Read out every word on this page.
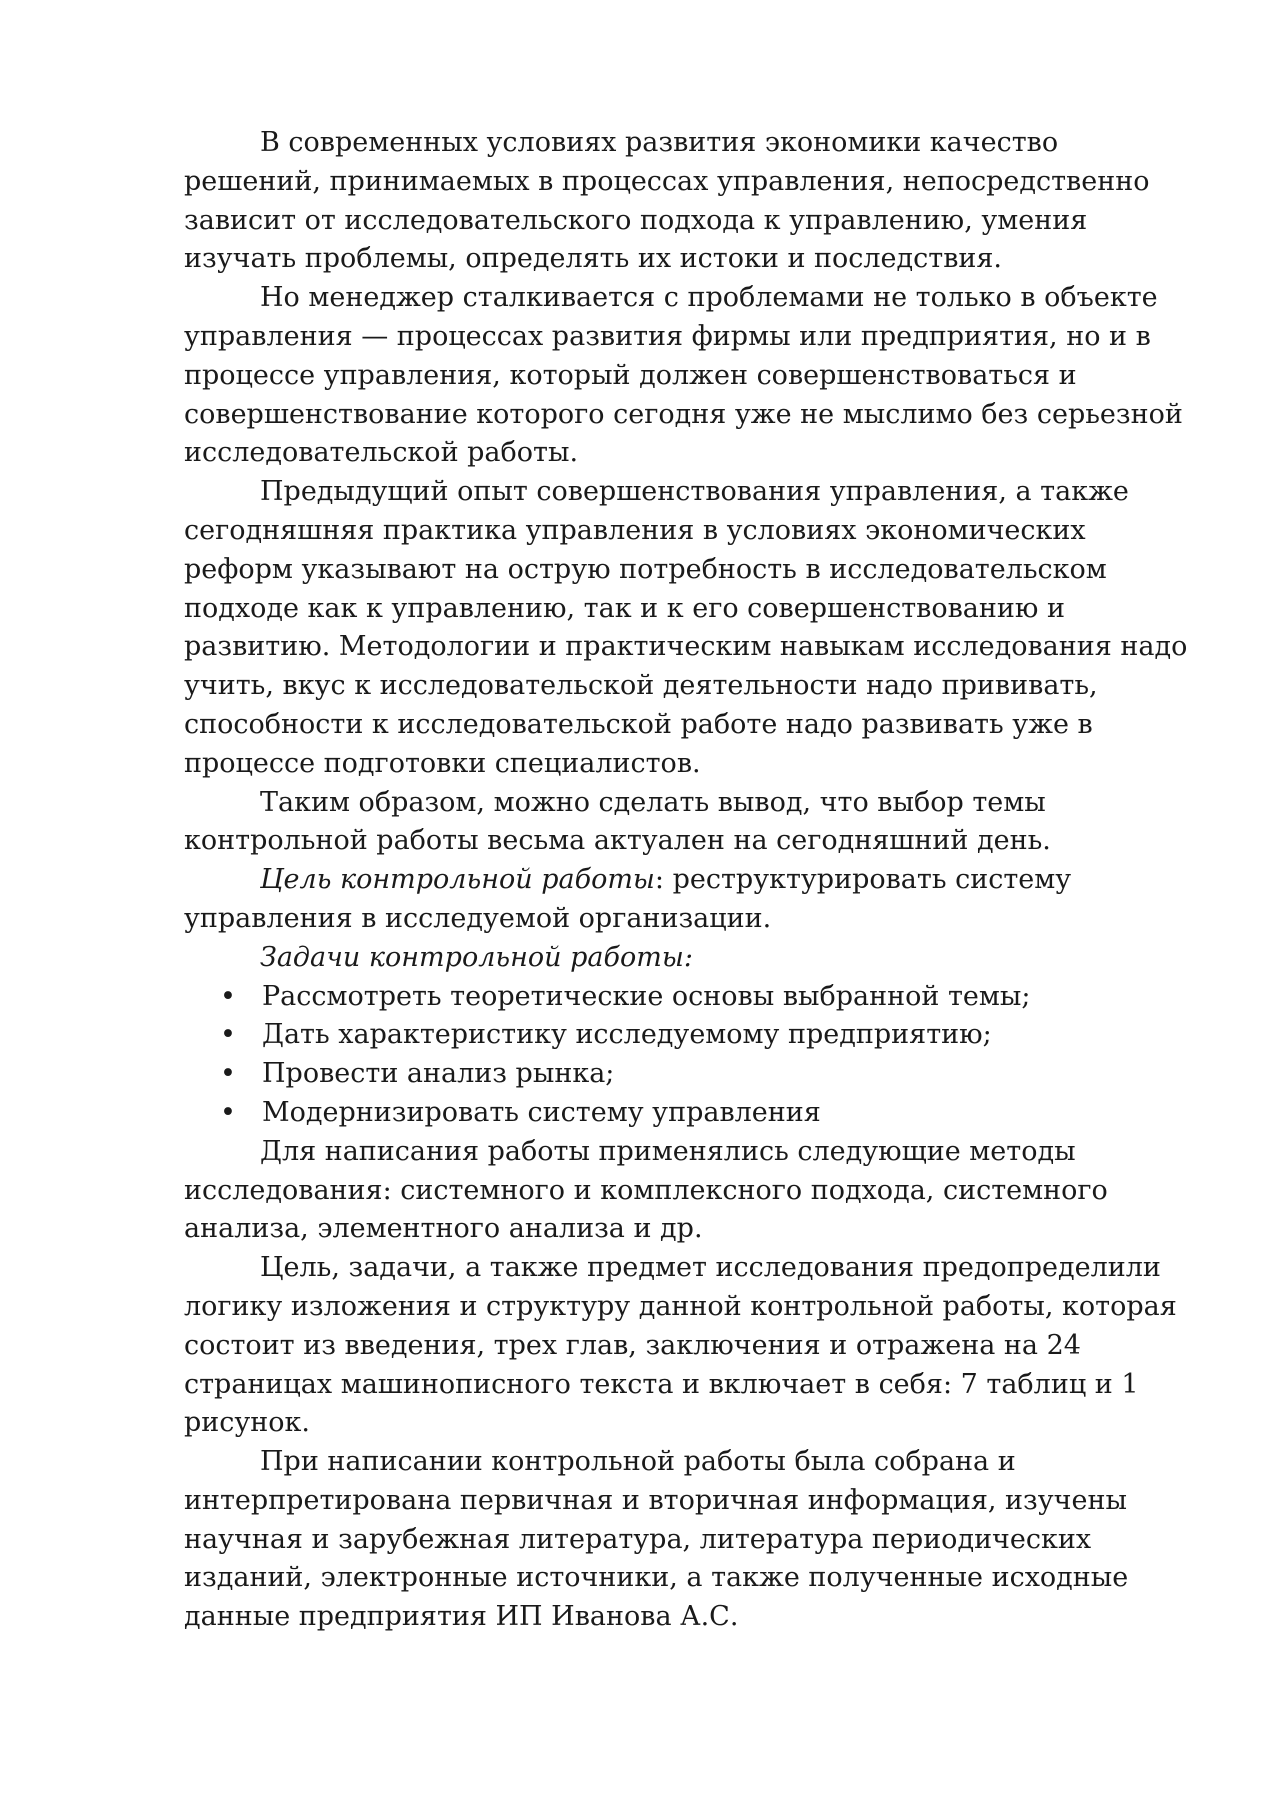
В современных условиях развития экономики качество решений, принимаемых в процессах управления, непосредственно зависит от исследовательского подхода к управлению, умения изучать проблемы, определять их истоки и последствия.

Но менеджер сталкивается с проблемами не только в объекте управления — процессах развития фирмы или предприятия, но и в процессе управления, который должен совершенствоваться и совершенствование которого сегодня уже не мыслимо без серьезной исследовательской работы.

Предыдущий опыт совершенствования управления, а также сегодняшняя практика управления в условиях экономических реформ указывают на острую потребность в исследовательском подходе как к управлению, так и к его совершенствованию и развитию. Методологии и практическим навыкам исследования надо учить, вкус к исследовательской деятельности надо прививать, способности к исследовательской работе надо развивать уже в процессе подготовки специалистов.

Таким образом, можно сделать вывод, что выбор темы контрольной работы весьма актуален на сегодняшний день.

Цель контрольной работы: реструктурировать систему управления в исследуемой организации.

Задачи контрольной работы:

• Рассмотреть теоретические основы выбранной темы;
• Дать характеристику исследуемому предприятию;
• Провести анализ рынка;
• Модернизировать систему управления

Для написания работы применялись следующие методы исследования: системного и комплексного подхода, системного анализа, элементного анализа и др.

Цель, задачи, а также предмет исследования предопределили логику изложения и структуру данной контрольной работы, которая состоит из введения, трех глав, заключения и отражена на 24 страницах машинописного текста и включает в себя: 7 таблиц и 1 рисунок.

При написании контрольной работы была собрана и интерпретирована первичная и вторичная информация, изучены научная и зарубежная литература, литература периодических изданий, электронные источники, а также полученные исходные данные предприятия ИП Иванова А.С.
